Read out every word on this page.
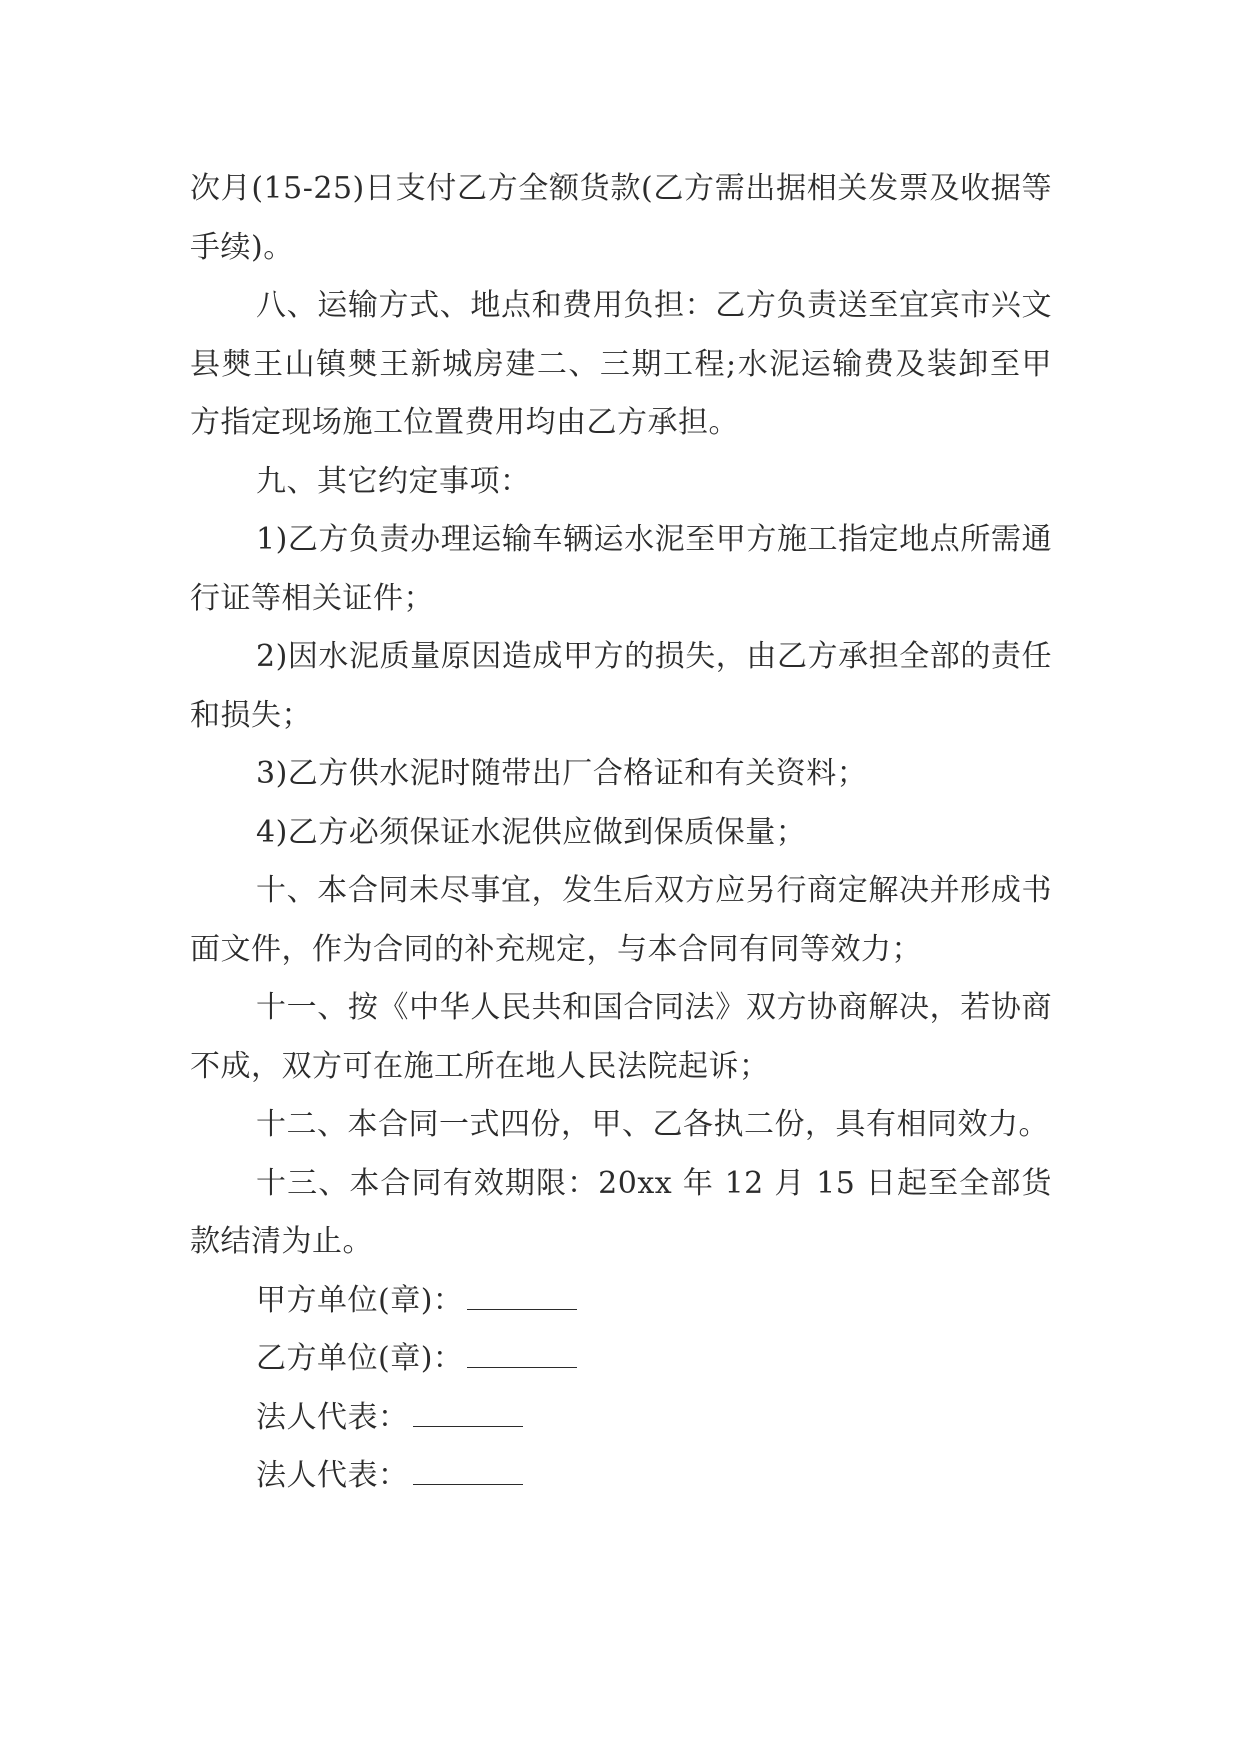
次月(15-25)日支付乙方全额货款(乙方需出据相关发票及收据等手续)。

八、运输方式、地点和费用负担：乙方负责送至宜宾市兴文县僰王山镇僰王新城房建二、三期工程;水泥运输费及装卸至甲方指定现场施工位置费用均由乙方承担。

九、其它约定事项：

1)乙方负责办理运输车辆运水泥至甲方施工指定地点所需通行证等相关证件；

2)因水泥质量原因造成甲方的损失，由乙方承担全部的责任和损失；

3)乙方供水泥时随带出厂合格证和有关资料；

4)乙方必须保证水泥供应做到保质保量；

十、本合同未尽事宜，发生后双方应另行商定解决并形成书面文件，作为合同的补充规定，与本合同有同等效力；

十一、按《中华人民共和国合同法》双方协商解决，若协商不成，双方可在施工所在地人民法院起诉；

十二、本合同一式四份，甲、乙各执二份，具有相同效力。

十三、本合同有效期限：20xx 年 12 月 15 日起至全部货款结清为止。

甲方单位(章)：

乙方单位(章)：

法人代表：

法人代表：
